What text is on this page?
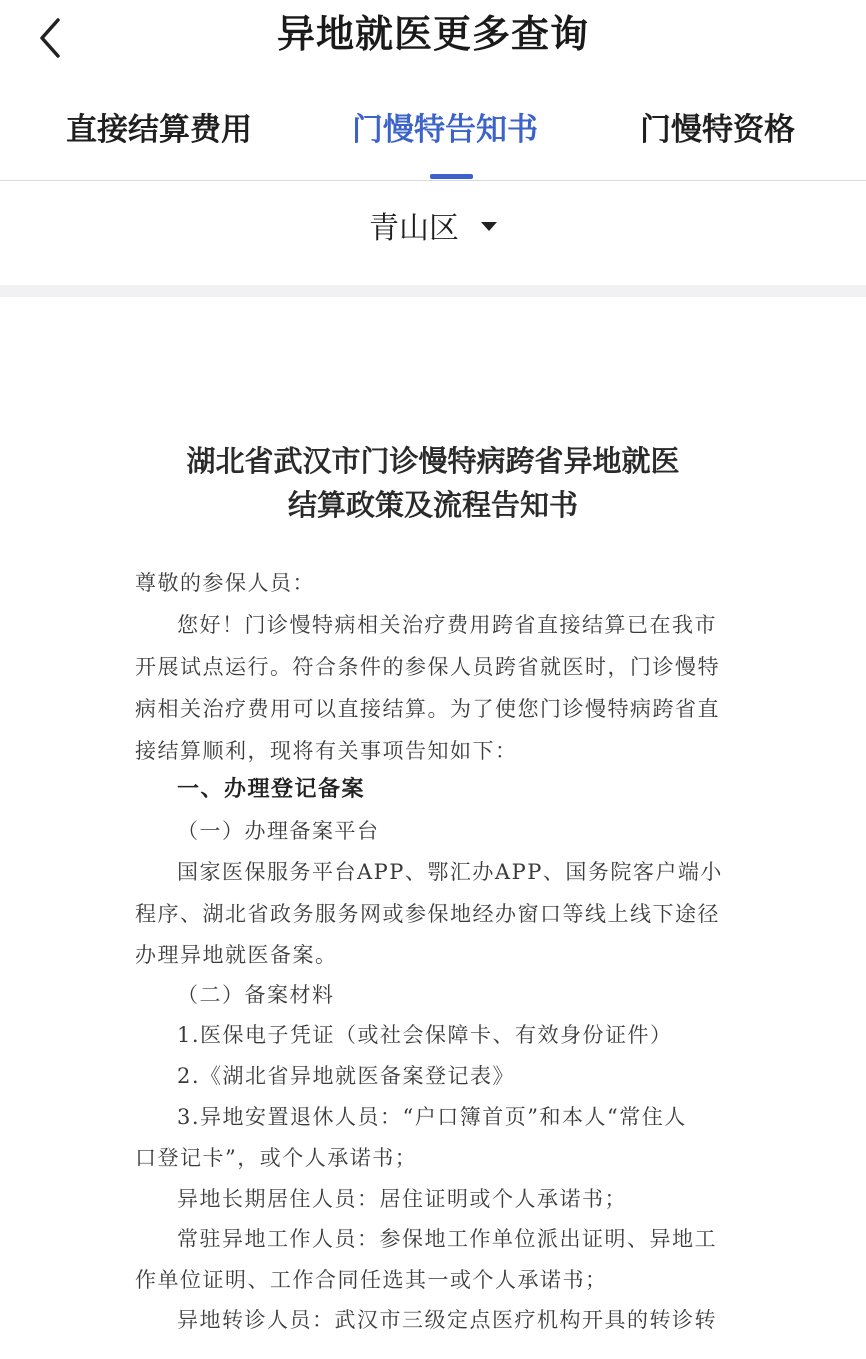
异地就医更多查询
直接结算费用	门慢特告知书	门慢特资格
青山区
湖北省武汉市门诊慢特病跨省异地就医
结算政策及流程告知书
尊敬的参保人员：
您好！门诊慢特病相关治疗费用跨省直接结算已在我市
开展试点运行。符合条件的参保人员跨省就医时，门诊慢特
病相关治疗费用可以直接结算。为了使您门诊慢特病跨省直
接结算顺利，现将有关事项告知如下：
一、办理登记备案
（一）办理备案平台
国家医保服务平台APP、鄂汇办APP、国务院客户端小
程序、湖北省政务服务网或参保地经办窗口等线上线下途径
办理异地就医备案。
（二）备案材料
1.医保电子凭证（或社会保障卡、有效身份证件）
2.《湖北省异地就医备案登记表》
3.异地安置退休人员：“户口簿首页”和本人“常住人
口登记卡”，或个人承诺书；
异地长期居住人员：居住证明或个人承诺书；
常驻异地工作人员：参保地工作单位派出证明、异地工
作单位证明、工作合同任选其一或个人承诺书；
异地转诊人员：武汉市三级定点医疗机构开具的转诊转
